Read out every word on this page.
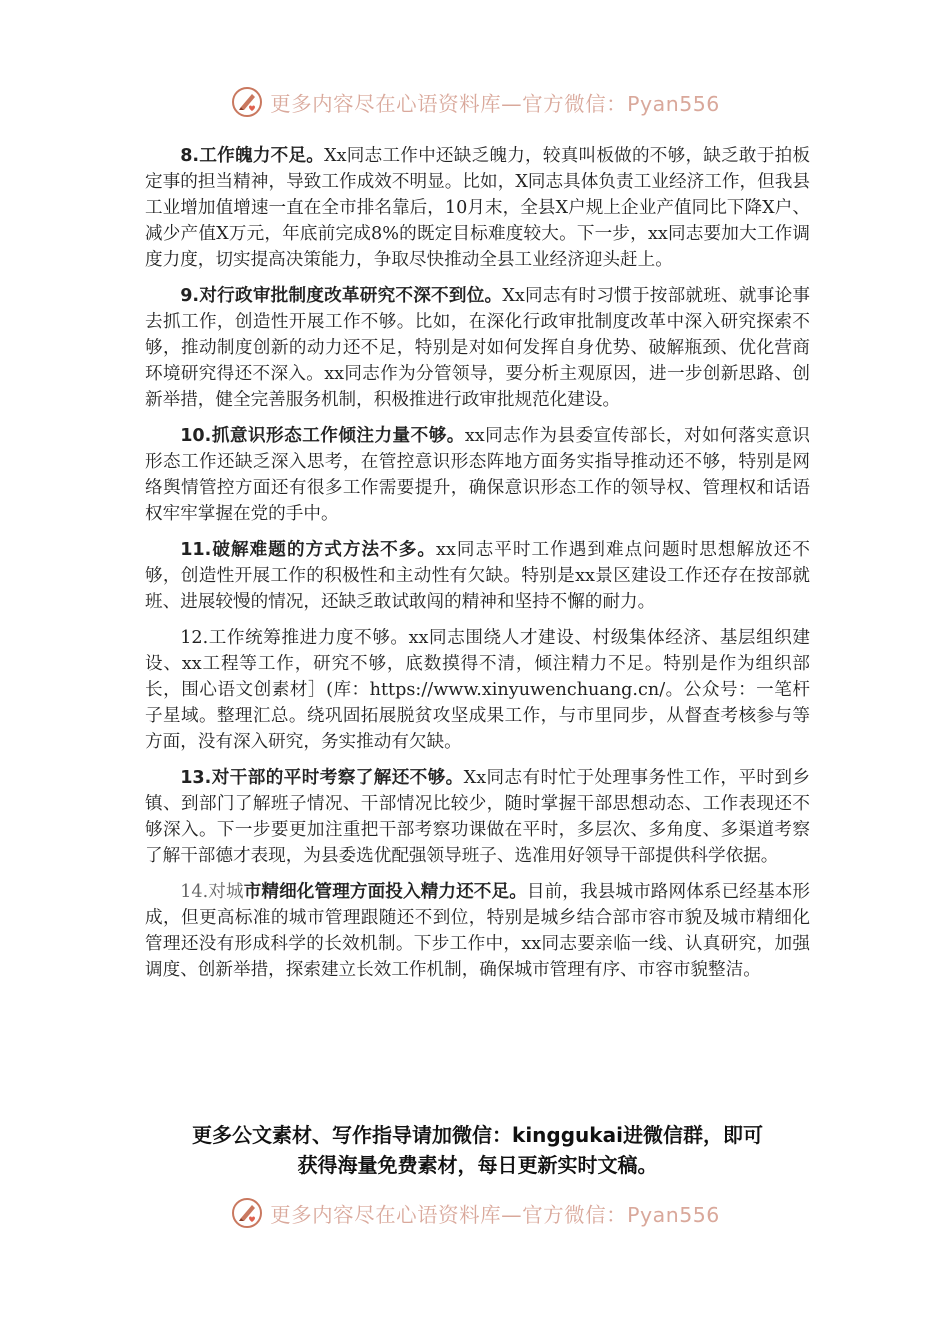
更多内容尽在心语资料库—官方微信：Pyan556

8.工作魄力不足。Xx同志工作中还缺乏魄力，较真叫板做的不够，缺乏敢于拍板定事的担当精神，导致工作成效不明显。比如，X同志具体负责工业经济工作，但我县工业增加值增速一直在全市排名靠后，10月末，全县X户规上企业产值同比下降X户、减少产值X万元，年底前完成8%的既定目标难度较大。下一步，xx同志要加大工作调度力度，切实提高决策能力，争取尽快推动全县工业经济迎头赶上。

9.对行政审批制度改革研究不深不到位。Xx同志有时习惯于按部就班、就事论事去抓工作，创造性开展工作不够。比如，在深化行政审批制度改革中深入研究探索不够，推动制度创新的动力还不足，特别是对如何发挥自身优势、破解瓶颈、优化营商环境研究得还不深入。xx同志作为分管领导，要分析主观原因，进一步创新思路、创新举措，健全完善服务机制，积极推进行政审批规范化建设。

10.抓意识形态工作倾注力量不够。xx同志作为县委宣传部长，对如何落实意识形态工作还缺乏深入思考，在管控意识形态阵地方面务实指导推动还不够，特别是网络舆情管控方面还有很多工作需要提升，确保意识形态工作的领导权、管理权和话语权牢牢掌握在党的手中。

11.破解难题的方式方法不多。xx同志平时工作遇到难点问题时思想解放还不够，创造性开展工作的积极性和主动性有欠缺。特别是xx景区建设工作还存在按部就班、进展较慢的情况，还缺乏敢试敢闯的精神和坚持不懈的耐力。

12.工作统筹推进力度不够。xx同志围绕人才建设、村级集体经济、基层组织建设、xx工程等工作，研究不够，底数摸得不清，倾注精力不足。特别是作为组织部长，围心语文创素材］(库：https://www.xinyuwenchuang.cn/。公众号：一笔杆子星域。整理汇总。绕巩固拓展脱贫攻坚成果工作，与市里同步，从督查考核参与等方面，没有深入研究，务实推动有欠缺。

13.对干部的平时考察了解还不够。Xx同志有时忙于处理事务性工作，平时到乡镇、到部门了解班子情况、干部情况比较少，随时掌握干部思想动态、工作表现还不够深入。下一步要更加注重把干部考察功课做在平时，多层次、多角度、多渠道考察了解干部德才表现，为县委选优配强领导班子、选准用好领导干部提供科学依据。

14.对城市精细化管理方面投入精力还不足。目前，我县城市路网体系已经基本形成，但更高标准的城市管理跟随还不到位，特别是城乡结合部市容市貌及城市精细化管理还没有形成科学的长效机制。下步工作中，xx同志要亲临一线、认真研究，加强调度、创新举措，探索建立长效工作机制，确保城市管理有序、市容市貌整洁。

更多公文素材、写作指导请加微信：kinggukai进微信群，即可
获得海量免费素材，每日更新实时文稿。
更多内容尽在心语资料库—官方微信：Pyan556
